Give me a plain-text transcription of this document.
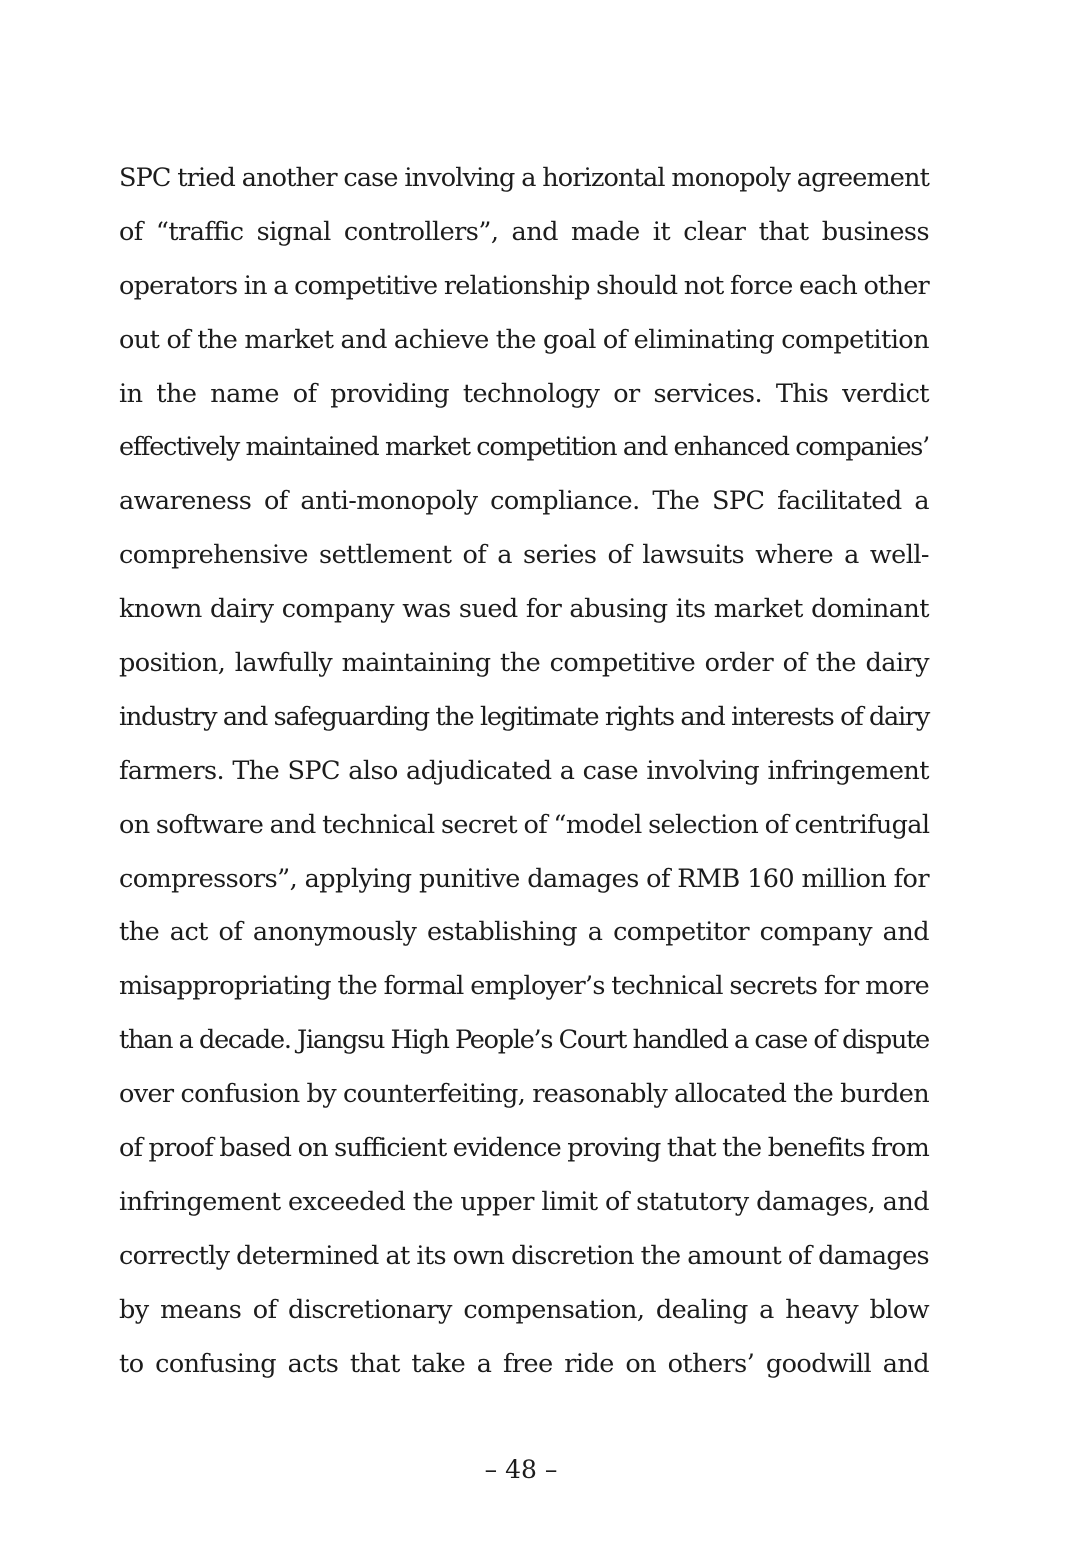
SPC tried another case involving a horizontal monopoly agreement
of “traffic signal controllers”, and made it clear that business
operators in a competitive relationship should not force each other
out of the market and achieve the goal of eliminating competition
in the name of providing technology or services. This verdict
effectively maintained market competition and enhanced companies’
awareness of anti-monopoly compliance. The SPC facilitated a
comprehensive settlement of a series of lawsuits where a well-
known dairy company was sued for abusing its market dominant
position, lawfully maintaining the competitive order of the dairy
industry and safeguarding the legitimate rights and interests of dairy
farmers. The SPC also adjudicated a case involving infringement
on software and technical secret of “model selection of centrifugal
compressors”, applying punitive damages of RMB 160 million for
the act of anonymously establishing a competitor company and
misappropriating the formal employer’s technical secrets for more
than a decade. Jiangsu High People’s Court handled a case of dispute
over confusion by counterfeiting, reasonably allocated the burden
of proof based on sufficient evidence proving that the benefits from
infringement exceeded the upper limit of statutory damages, and
correctly determined at its own discretion the amount of damages
by means of discretionary compensation, dealing a heavy blow
to confusing acts that take a free ride on others’ goodwill and
– 48 –
